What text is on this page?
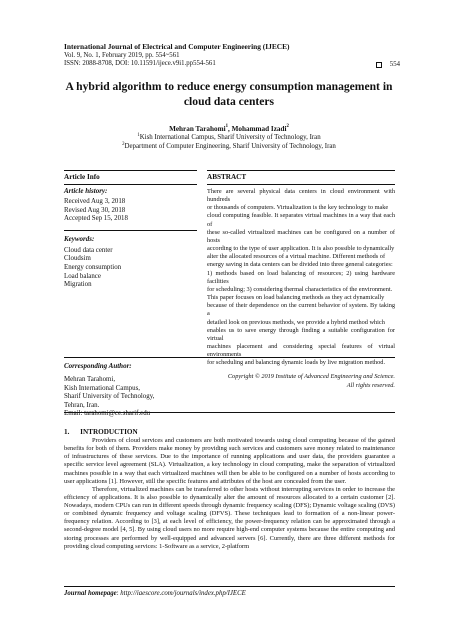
International Journal of Electrical and Computer Engineering (IJECE)
Vol. 9, No. 1, February 2019, pp. 554~561
ISSN: 2088-8708, DOI: 10.11591/ijece.v9i1.pp554-561	554
A hybrid algorithm to reduce energy consumption management in cloud data centers
Mehran Tarahomi$^1$, Mohammad Izadi$^2$
$^1$Kish International Campus, Sharif University of Technology, Iran
$^2$Department of Computer Engineering, Sharif University of Technology, Iran
Article Info
Article history:
Received Aug 3, 2018
Revised Aug 30, 2018
Accepted Sep 15, 2018
Keywords:
Cloud data center
Cloudsim
Energy consumption
Load balance
Migration
ABSTRACT
There are several physical data centers in cloud environment with hundreds
or thousands of computers. Virtualization is the key technology to make
cloud computing feasible. It separates virtual machines in a way that each of
these so-called virtualized machines can be configured on a number of hosts
according to the type of user application. It is also possible to dynamically
alter the allocated resources of a virtual machine. Different methods of
energy saving in data centers can be divided into three general categories:
1) methods based on load balancing of resources; 2) using hardware facilities
for scheduling; 3) considering thermal characteristics of the environment.
This paper focuses on load balancing methods as they act dynamically
because of their dependence on the current behavior of system. By taking a
detailed look on previous methods, we provide a hybrid method which
enables us to save energy through finding a suitable configuration for virtual
machines placement and considering special features of virtual environments
for scheduling and balancing dynamic loads by live migration method.
Copyright © 2019 Institute of Advanced Engineering and Science.
All rights reserved.
Corresponding Author:
Mehran Tarahomi,
Kish International Campus,
Sharif University of Technology,
Tehran, Iran.
Email: tarahomi@ce.sharif.edu
1.      INTRODUCTION

Providers of cloud services and customers are both motivated towards using cloud computing because of the gained benefits for both of them. Providers make money by providing such services and customers save money related to maintenance of infrastructures of these services. Due to the importance of running applications and user data, the providers guarantee a specific service level agreement (SLA). Virtualization, a key technology in cloud computing, make the separation of virtualized machines possible in a way that each virtualized machines will then be able to be configured on a number of hosts according to user applications [1]. However, still the specific features and attributes of the host are concealed from the user.

Therefore, virtualized machines can be transferred to other hosts without interrupting services in order to increase the efficiency of applications. It is also possible to dynamically alter the amount of resources allocated to a certain customer [2]. Nowadays, modern CPUs can run in different speeds through dynamic frequency scaling (DFS); Dynamic voltage scaling (DVS) or combined dynamic frequency and voltage scaling (DFVS). These techniques lead to formation of a non-linear power-frequency relation. According to [3], at each level of efficiency, the power-frequency relation can be approximated through a second-degree model [4, 5]. By using cloud users no more require high-end computer systems because the entire computing and storing processes are performed by well-equipped and advanced servers [6]. Currently, there are three different methods for providing cloud computing services: 1-Software as a service, 2-platform

Journal homepage: http://iaescore.com/journals/index.php/IJECE
